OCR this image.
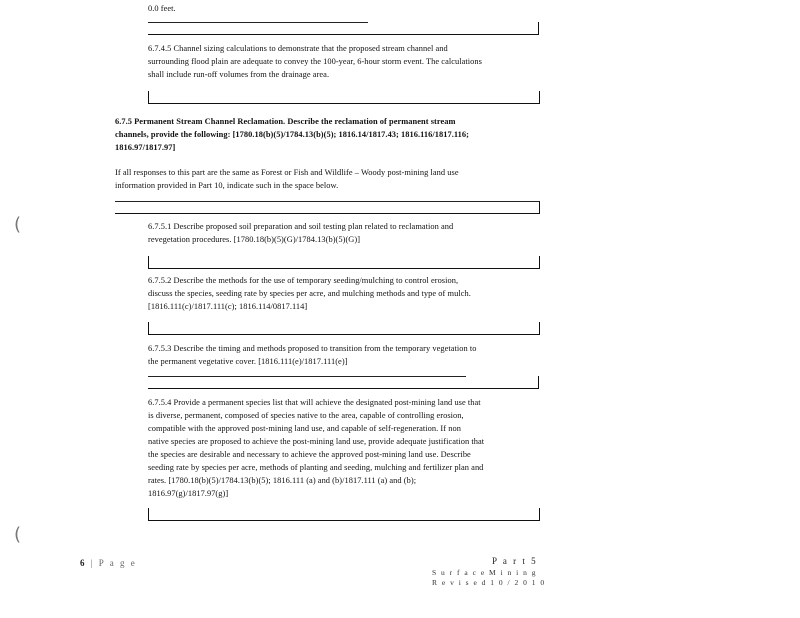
0.0 feet.
6.7.4.5 Channel sizing calculations to demonstrate that the proposed stream channel and
surrounding flood plain are adequate to convey the 100-year, 6-hour storm event. The calculations
shall include run-off volumes from the drainage area.
6.7.5 Permanent Stream Channel Reclamation. Describe the reclamation of permanent stream
channels, provide the following: [1780.18(b)(5)/1784.13(b)(5); 1816.14/1817.43; 1816.116/1817.116;
1816.97/1817.97]
If all responses to this part are the same as Forest or Fish and Wildlife – Woody post-mining land use
information provided in Part 10, indicate such in the space below.
6.7.5.1 Describe proposed soil preparation and soil testing plan related to reclamation and
revegetation procedures. [1780.18(b)(5)(G)/1784.13(b)(5)(G)]
6.7.5.2 Describe the methods for the use of temporary seeding/mulching to control erosion,
discuss the species, seeding rate by species per acre, and mulching methods and type of mulch.
[1816.111(c)/1817.111(c); 1816.114/0817.114]
6.7.5.3 Describe the timing and methods proposed to transition from the temporary vegetation to
the permanent vegetative cover. [1816.111(e)/1817.111(e)]
6.7.5.4 Provide a permanent species list that will achieve the designated post-mining land use that
is diverse, permanent, composed of species native to the area, capable of controlling erosion,
compatible with the approved post-mining land use, and capable of self-regeneration. If non
native species are proposed to achieve the post-mining land use, provide adequate justification that
the species are desirable and necessary to achieve the approved post-mining land use. Describe
seeding rate by species per acre, methods of planting and seeding, mulching and fertilizer plan and
rates. [1780.18(b)(5)/1784.13(b)(5); 1816.111 (a) and (b)/1817.111 (a) and (b);
1816.97(g)/1817.97(g)]
(
(
6 | P a g e	P a r t 5
S u r f a c e M i n i n g
R e v i s e d 1 0 / 2 0 1 0
